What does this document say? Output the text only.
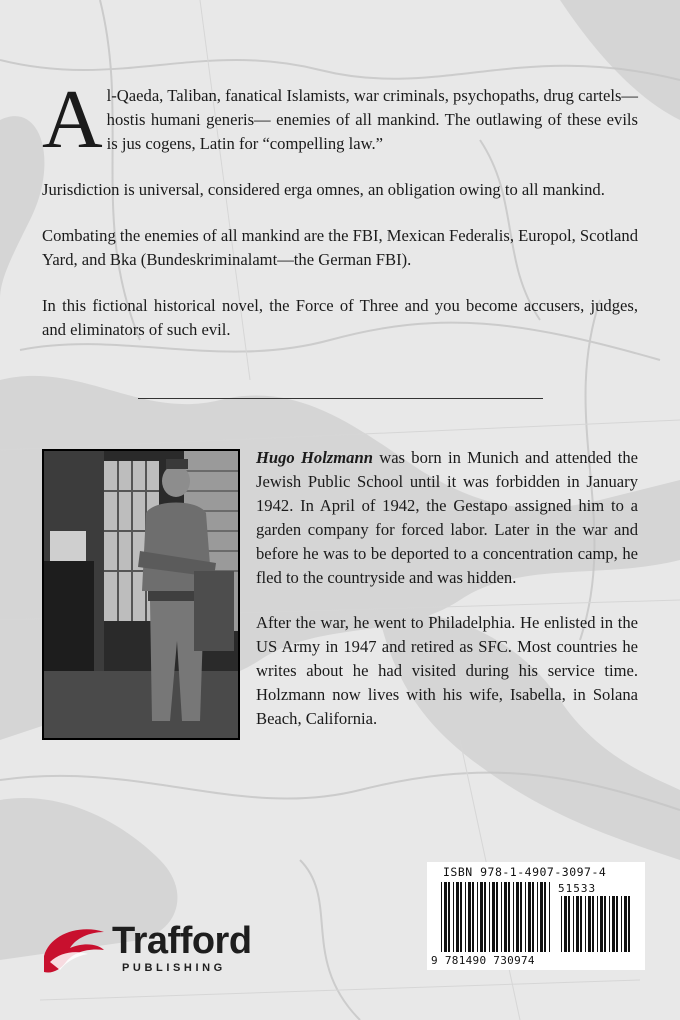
Al-Qaeda, Taliban, fanatical Islamists, war criminals, psychopaths, drug cartels—hostis humani generis— enemies of all mankind. The outlawing of these evils is jus cogens, Latin for “compelling law.”

Jurisdiction is universal, considered erga omnes, an obligation owing to all mankind.

Combating the enemies of all mankind are the FBI, Mexican Federalis, Europol, Scotland Yard, and Bka (Bundeskriminalamt—the German FBI).

In this fictional historical novel, the Force of Three and you become accusers, judges, and eliminators of such evil.

Hugo Holzmann was born in Munich and attended the Jewish Public School until it was forbidden in January 1942. In April of 1942, the Gestapo assigned him to a garden company for forced labor. Later in the war and before he was to be deported to a concentration camp, he fled to the countryside and was hidden.

After the war, he went to Philadelphia. He enlisted in the US Army in 1947 and retired as SFC. Most countries he writes about he had visited during his service time. Holzmann now lives with his wife, Isabella, in Solana Beach, California.

ISBN 978-1-4907-3097-4
51533
9 781490 730974
Trafford
PUBLISHING
